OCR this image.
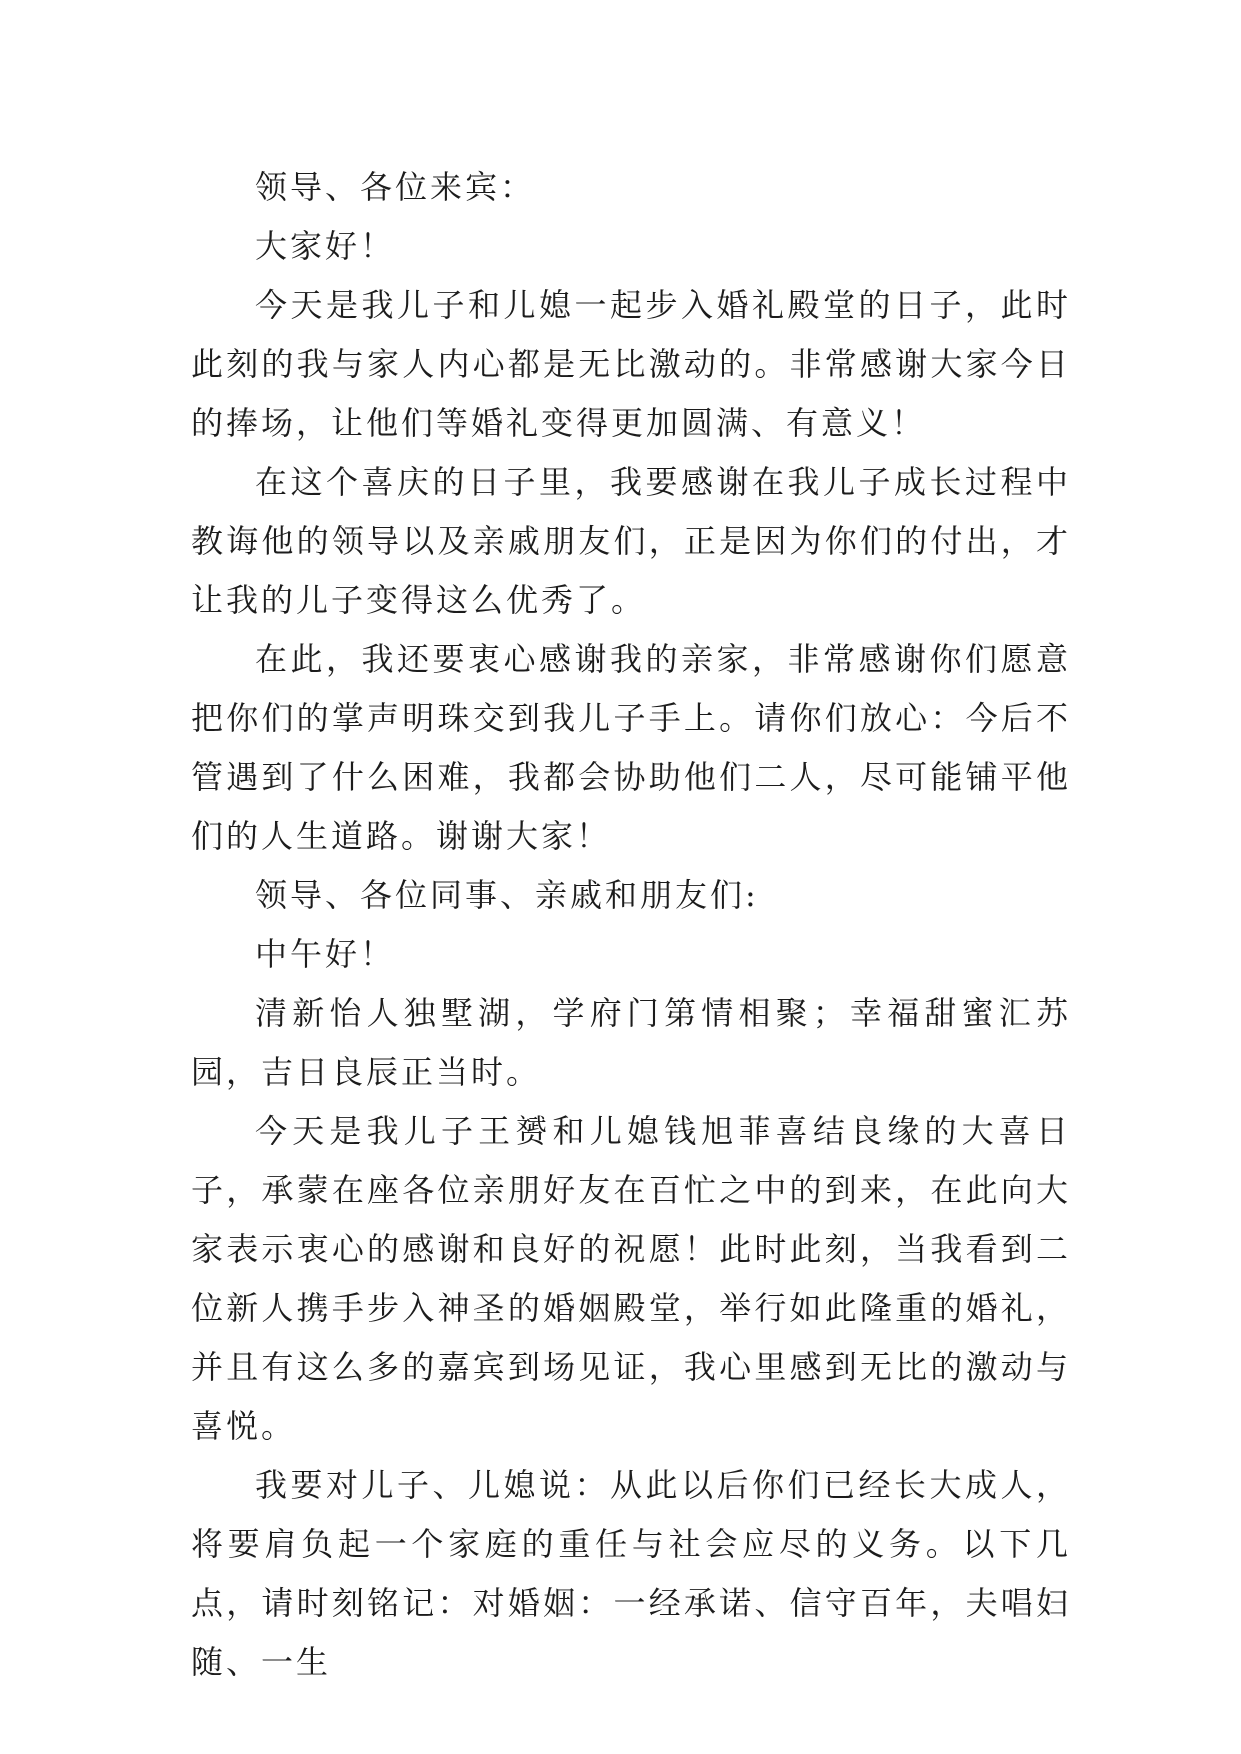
领导、各位来宾：

大家好！

今天是我儿子和儿媳一起步入婚礼殿堂的日子，此时此刻的我与家人内心都是无比激动的。非常感谢大家今日的捧场，让他们等婚礼变得更加圆满、有意义！

在这个喜庆的日子里，我要感谢在我儿子成长过程中教诲他的领导以及亲戚朋友们，正是因为你们的付出，才让我的儿子变得这么优秀了。

在此，我还要衷心感谢我的亲家，非常感谢你们愿意把你们的掌声明珠交到我儿子手上。请你们放心：今后不管遇到了什么困难，我都会协助他们二人，尽可能铺平他们的人生道路。谢谢大家！

领导、各位同事、亲戚和朋友们:

中午好！

清新怡人独墅湖，学府门第情相聚；幸福甜蜜汇苏园，吉日良辰正当时。

今天是我儿子王赟和儿媳钱旭菲喜结良缘的大喜日子，承蒙在座各位亲朋好友在百忙之中的到来，在此向大家表示衷心的感谢和良好的祝愿！此时此刻，当我看到二位新人携手步入神圣的婚姻殿堂，举行如此隆重的婚礼，并且有这么多的嘉宾到场见证，我心里感到无比的激动与喜悦。

我要对儿子、儿媳说：从此以后你们已经长大成人，将要肩负起一个家庭的重任与社会应尽的义务。以下几点，请时刻铭记：对婚姻：一经承诺、信守百年，夫唱妇随、一生
